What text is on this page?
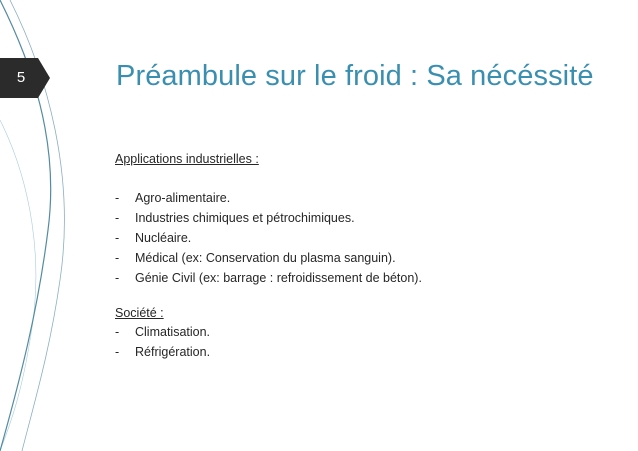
5	Préambule sur le froid : Sa nécéssité

Applications industrielles :

- Agro-alimentaire.
- Industries chimiques et pétrochimiques.
- Nucléaire.
- Médical (ex: Conservation du plasma sanguin).
- Génie Civil (ex: barrage : refroidissement de béton).

Société :

- Climatisation.
- Réfrigération.
